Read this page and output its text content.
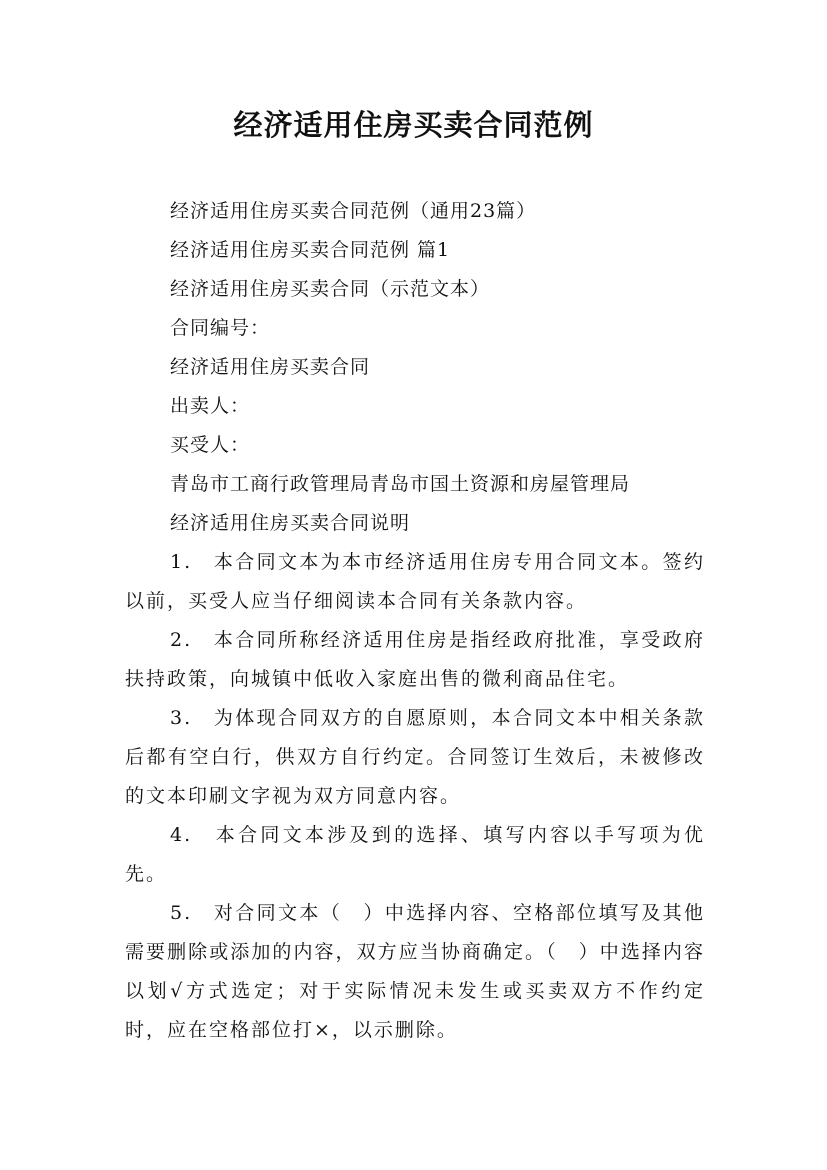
经济适用住房买卖合同范例

经济适用住房买卖合同范例（通用23篇）

经济适用住房买卖合同范例 篇1

经济适用住房买卖合同（示范文本）

合同编号：

经济适用住房买卖合同

出卖人：

买受人：

青岛市工商行政管理局青岛市国土资源和房屋管理局

经济适用住房买卖合同说明

1.　本合同文本为本市经济适用住房专用合同文本。签约以前，买受人应当仔细阅读本合同有关条款内容。

2.　本合同所称经济适用住房是指经政府批准，享受政府扶持政策，向城镇中低收入家庭出售的微利商品住宅。

3.　为体现合同双方的自愿原则，本合同文本中相关条款后都有空白行，供双方自行约定。合同签订生效后，未被修改的文本印刷文字视为双方同意内容。

4.　本合同文本涉及到的选择、填写内容以手写项为优先。

5.　对合同文本（　）中选择内容、空格部位填写及其他需要删除或添加的内容，双方应当协商确定。（　）中选择内容以划√方式选定；对于实际情况未发生或买卖双方不作约定时，应在空格部位打×，以示删除。
